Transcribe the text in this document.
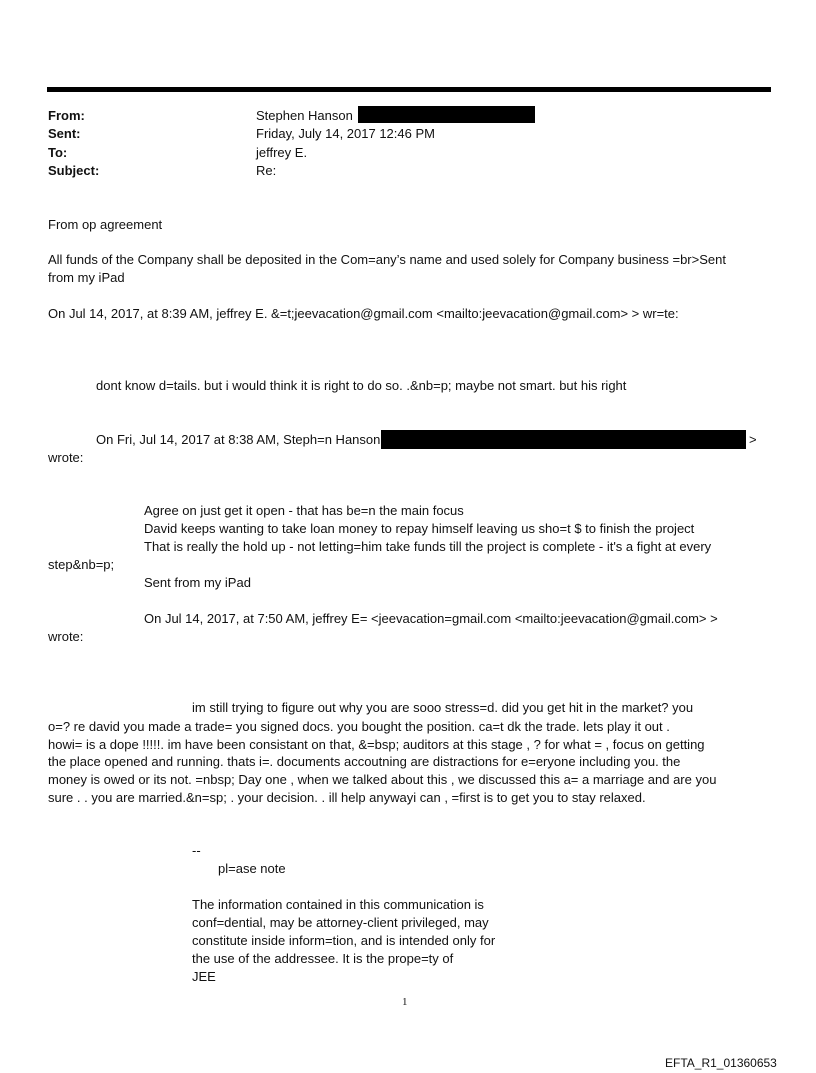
From:	Stephen Hanson
Sent:	Friday, July 14, 2017 12:46 PM
To:	jeffrey E.
Subject:	Re:
From op agreement
All funds of the Company shall be deposited in the Com=any’s name and used solely for Company business =br>Sent
from my iPad
On Jul 14, 2017, at 8:39 AM, jeffrey E. &=t;jeevacation@gmail.com <mailto:jeevacation@gmail.com> > wr=te:
dont know d=tails. but i would think it is right to do so. .&nb=p; maybe not smart. but his right
On Fri, Jul 14, 2017 at 8:38 AM, Steph=n Hanson	>
wrote:
Agree on just get it open - that has be=n the main focus
David keeps wanting to take loan money to repay himself leaving us sho=t $ to finish the project
That is really the hold up - not letting=him take funds till the project is complete - it's a fight at every
step&nb=p;
Sent from my iPad
On Jul 14, 2017, at 7:50 AM, jeffrey E= <jeevacation=gmail.com <mailto:jeevacation@gmail.com> >
wrote:
im still trying to figure out why you are sooo stress=d. did you get hit in the market? you
o=? re david you made a trade= you signed docs. you bought the position. ca=t dk the trade. lets play it out .
howi= is a dope !!!!!. im have been consistant on that, &=bsp; auditors at this stage , ? for what = , focus on getting
the place opened and running. thats i=. documents accoutning are distractions for e=eryone including you. the
money is owed or its not. =nbsp; Day one , when we talked about this , we discussed this a= a marriage and are you
sure . . you are married.&n=sp; . your decision. . ill help anywayi can , =first is to get you to stay relaxed.
--
pl=ase note
The information contained in this communication is
conf=dential, may be attorney-client privileged, may
constitute inside inform=tion, and is intended only for
the use of the addressee. It is the prope=ty of
JEE
1
EFTA_R1_01360653
